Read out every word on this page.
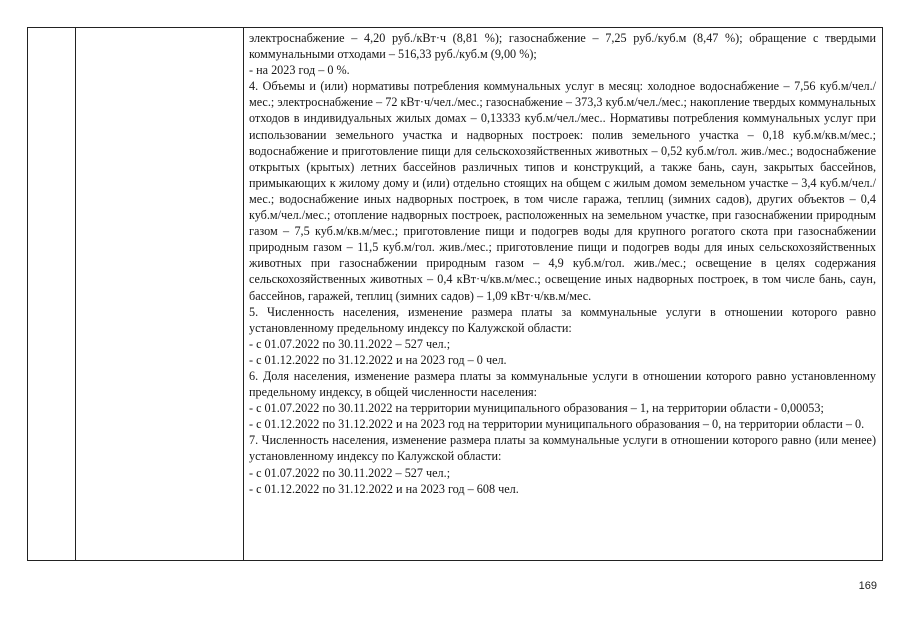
электроснабжение – 4,20 руб./кВт·ч (8,81 %); газоснабжение – 7,25 руб./куб.м (8,47 %); обращение с твердыми коммунальными отходами – 516,33 руб./куб.м (9,00 %);

- на 2023 год – 0 %.

4. Объемы и (или) нормативы потребления коммунальных услуг в месяц: холодное водоснабжение – 7,56 куб.м/чел./мес.; электроснабжение – 72 кВт·ч/чел./мес.; газоснабжение – 373,3 куб.м/чел./мес.; накопление твердых коммунальных отходов в индивидуальных жилых домах – 0,13333 куб.м/чел./мес.. Нормативы потребления коммунальных услуг при использовании земельного участка и надворных построек: полив земельного участка – 0,18 куб.м/кв.м/мес.; водоснабжение и приготовление пищи для сельскохозяйственных животных – 0,52 куб.м/гол. жив./мес.; водоснабжение открытых (крытых) летних бассейнов различных типов и конструкций, а также бань, саун, закрытых бассейнов, примыкающих к жилому дому и (или) отдельно стоящих на общем с жилым домом земельном участке – 3,4 куб.м/чел./мес.; водоснабжение иных надворных построек, в том числе гаража, теплиц (зимних садов), других объектов – 0,4 куб.м/чел./мес.; отопление надворных построек, расположенных на земельном участке, при газоснабжении природным газом – 7,5 куб.м/кв.м/мес.; приготовление пищи и подогрев воды для крупного рогатого скота при газоснабжении природным газом – 11,5 куб.м/гол. жив./мес.; приготовление пищи и подогрев воды для иных сельскохозяйственных животных при газоснабжении природным газом – 4,9 куб.м/гол. жив./мес.; освещение в целях содержания сельскохозяйственных животных – 0,4 кВт·ч/кв.м/мес.; освещение иных надворных построек, в том числе бань, саун, бассейнов, гаражей, теплиц (зимних садов) – 1,09 кВт·ч/кв.м/мес.

5. Численность населения, изменение размера платы за коммунальные услуги в отношении которого равно установленному предельному индексу по Калужской области:

- с 01.07.2022 по 30.11.2022 – 527 чел.;

- с 01.12.2022 по 31.12.2022 и на 2023 год – 0 чел.

6. Доля населения, изменение размера платы за коммунальные услуги в отношении которого равно установленному предельному индексу, в общей численности населения:

- с 01.07.2022 по 30.11.2022 на территории муниципального образования – 1, на территории области - 0,00053;

- с 01.12.2022 по 31.12.2022 и на 2023 год на территории муниципального образования – 0, на территории области – 0.

7. Численность населения, изменение размера платы за коммунальные услуги в отношении которого равно (или менее) установленному индексу по Калужской области:

- с 01.07.2022 по 30.11.2022 – 527 чел.;

- с 01.12.2022 по 31.12.2022 и на 2023 год – 608 чел.

169
